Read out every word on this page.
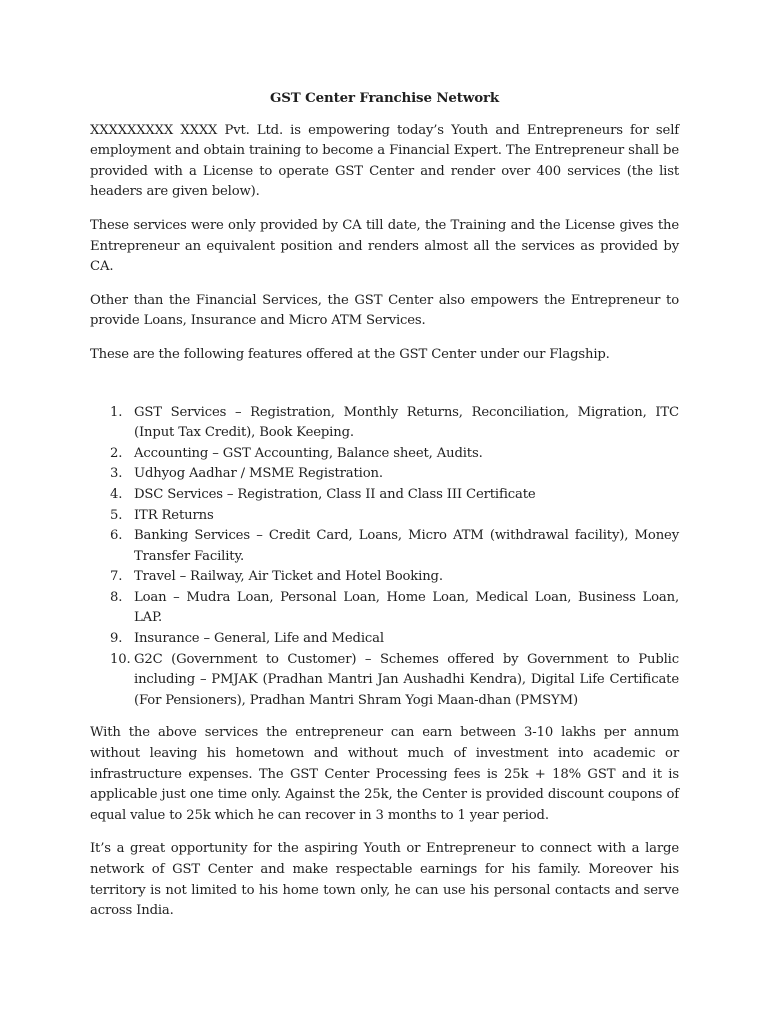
GST Center Franchise Network

XXXXXXXXX XXXX Pvt. Ltd. is empowering today’s Youth and Entrepreneurs for self employment and obtain training to become a Financial Expert. The Entrepreneur shall be provided with a License to operate GST Center and render over 400 services (the list headers are given below).

These services were only provided by CA till date, the Training and the License gives the Entrepreneur an equivalent position and renders almost all the services as provided by CA.

Other than the Financial Services, the GST Center also empowers the Entrepreneur to provide Loans, Insurance and Micro ATM Services.

These are the following features offered at the GST Center under our Flagship.

1. GST Services – Registration, Monthly Returns, Reconciliation, Migration, ITC (Input Tax Credit), Book Keeping.
2. Accounting – GST Accounting, Balance sheet, Audits.
3. Udhyog Aadhar / MSME Registration.
4. DSC Services – Registration, Class II and Class III Certificate
5. ITR Returns
6. Banking Services – Credit Card, Loans, Micro ATM (withdrawal facility), Money Transfer Facility.
7. Travel – Railway, Air Ticket and Hotel Booking.
8. Loan – Mudra Loan, Personal Loan, Home Loan, Medical Loan, Business Loan, LAP.
9. Insurance – General, Life and Medical
10. G2C (Government to Customer) – Schemes offered by Government to Public including – PMJAK (Pradhan Mantri Jan Aushadhi Kendra), Digital Life Certificate (For Pensioners), Pradhan Mantri Shram Yogi Maan-dhan (PMSYM)

With the above services the entrepreneur can earn between 3-10 lakhs per annum without leaving his hometown and without much of investment into academic or infrastructure expenses. The GST Center Processing fees is 25k + 18% GST and it is applicable just one time only. Against the 25k, the Center is provided discount coupons of equal value to 25k which he can recover in 3 months to 1 year period.

It’s a great opportunity for the aspiring Youth or Entrepreneur to connect with a large network of GST Center and make respectable earnings for his family. Moreover his territory is not limited to his home town only, he can use his personal contacts and serve across India.
